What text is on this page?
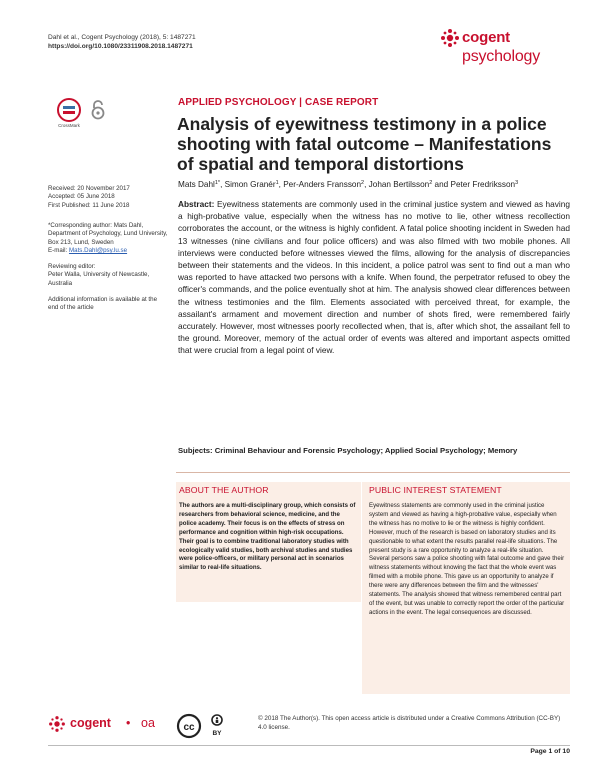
Dahl et al., Cogent Psychology (2018), 5: 1487271
https://doi.org/10.1080/23311908.2018.1487271
cogent
psychology
CrossMark
APPLIED PSYCHOLOGY | CASE REPORT
Analysis of eyewitness testimony in a police shooting with fatal outcome – Manifestations of spatial and temporal distortions
Mats Dahl$^{1*}$, Simon Granér$^1$, Per-Anders Fransson$^2$, Johan Bertilsson$^2$ and Peter Fredriksson$^3$
Received: 20 November 2017
Accepted: 05 June 2018
First Published: 11 June 2018
*Corresponding author: Mats Dahl, Department of Psychology, Lund University, Box 213, Lund, Sweden
E-mail: Mats.Dahl@psy.lu.se
Reviewing editor:
Peter Walla, University of Newcastle, Australia
Additional information is available at the end of the article

Abstract: Eyewitness statements are commonly used in the criminal justice system and viewed as having a high-probative value, especially when the witness has no motive to lie, other witness recollection corroborates the account, or the witness is highly confident. A fatal police shooting incident in Sweden had 13 witnesses (nine civilians and four police officers) and was also filmed with two mobile phones. All interviews were conducted before witnesses viewed the films, allowing for the analysis of discrepancies between their statements and the videos. In this incident, a police patrol was sent to find out a man who was reported to have attacked two persons with a knife. When found, the perpetrator refused to obey the officer's commands, and the police eventually shot at him. The analysis showed clear differences between the witness testimonies and the film. Elements associated with perceived threat, for example, the assailant's armament and movement direction and number of shots fired, were remembered fairly accurately. However, most witnesses poorly recollected when, that is, after which shot, the assailant fell to the ground. Moreover, memory of the actual order of events was altered and important aspects omitted that were crucial from a legal point of view.

Subjects: Criminal Behaviour and Forensic Psychology; Applied Social Psychology; Memory
ABOUT THE AUTHOR
The authors are a multi-disciplinary group, which consists of researchers from behavioral science, medicine, and the police academy. Their focus is on the effects of stress on performance and cognition within high-risk occupations. Their goal is to combine traditional laboratory studies with ecologically valid studies, both archival studies and studies were police-officers, or military personal act in scenarios similar to real-life situations.
PUBLIC INTEREST STATEMENT
Eyewitness statements are commonly used in the criminal justice system and viewed as having a high-probative value, especially when the witness has no motive to lie or the witness is highly confident. However, much of the research is based on laboratory studies and its questionable to what extent the results parallel real-life situations. The present study is a rare opportunity to analyze a real-life situation. Several persons saw a police shooting with fatal outcome and gave their witness statements without knowing the fact that the whole event was filmed with a mobile phone. This gave us an opportunity to analyze if there were any differences between the film and the witnesses' statements. The analysis showed that witness remembered central part of the event, but was unable to correctly report the order of the particular actions in the event. The legal consequences are discussed.
cogent • oa	cc
BY
© 2018 The Author(s). This open access article is distributed under a Creative Commons Attribution (CC-BY) 4.0 license.
Page 1 of 10
